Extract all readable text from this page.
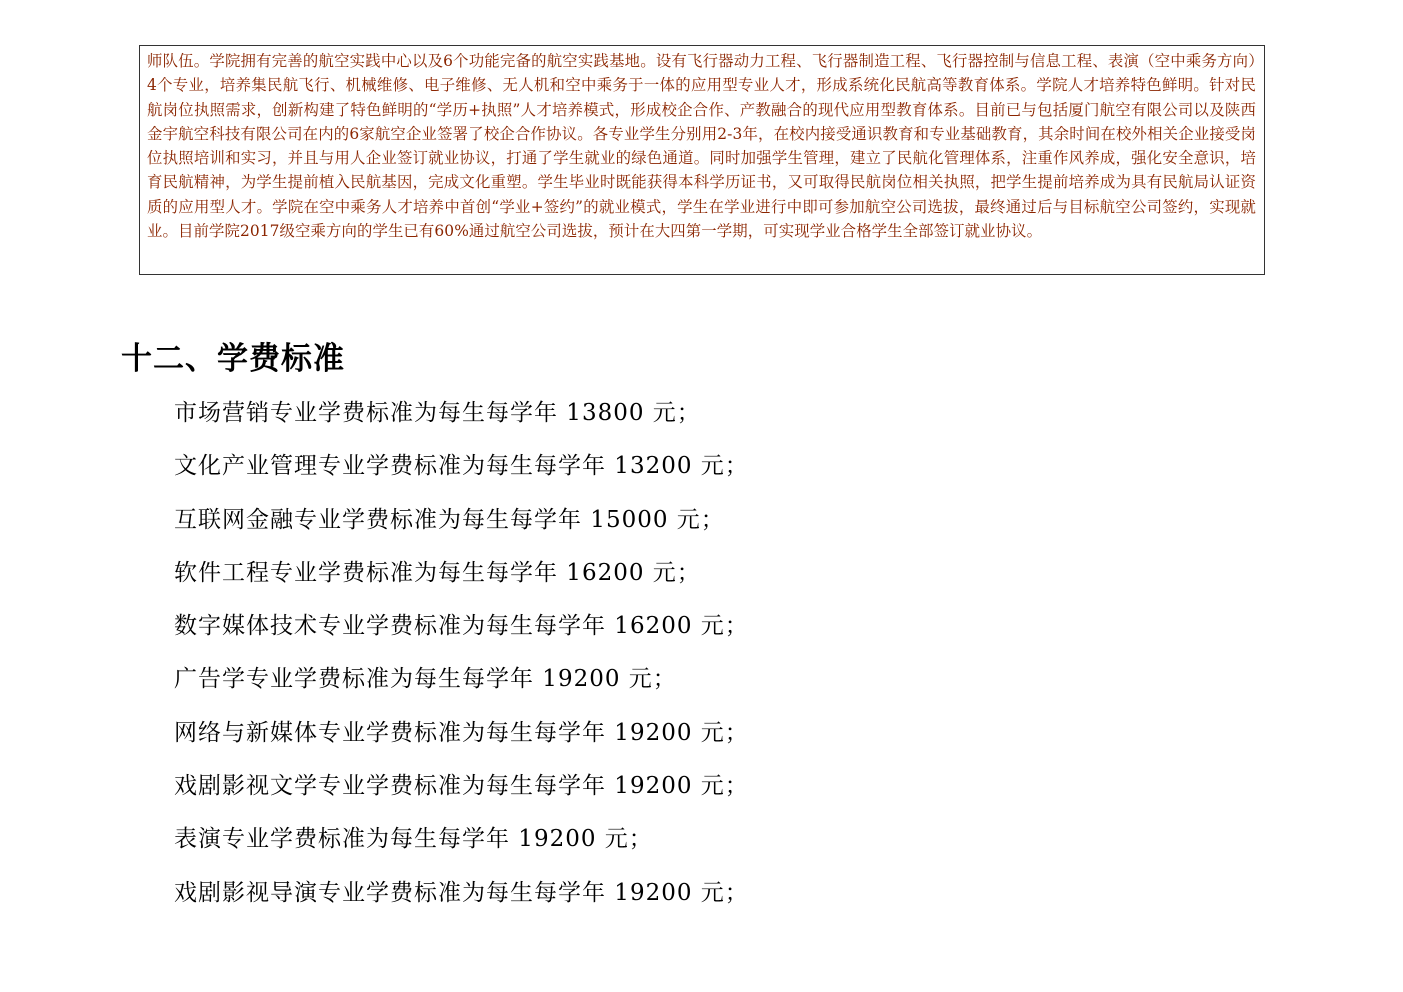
师队伍。学院拥有完善的航空实践中心以及6个功能完备的航空实践基地。设有飞行器动力工程、飞行器制造工程、飞行器控制与信息工程、表演（空中乘务方向）4个专业，培养集民航飞行、机械维修、电子维修、无人机和空中乘务于一体的应用型专业人才，形成系统化民航高等教育体系。学院人才培养特色鲜明。针对民航岗位执照需求，创新构建了特色鲜明的“学历+执照”人才培养模式，形成校企合作、产教融合的现代应用型教育体系。目前已与包括厦门航空有限公司以及陕西金宇航空科技有限公司在内的6家航空企业签署了校企合作协议。各专业学生分别用2-3年，在校内接受通识教育和专业基础教育，其余时间在校外相关企业接受岗位执照培训和实习，并且与用人企业签订就业协议，打通了学生就业的绿色通道。同时加强学生管理，建立了民航化管理体系，注重作风养成，强化安全意识，培育民航精神，为学生提前植入民航基因，完成文化重塑。学生毕业时既能获得本科学历证书，又可取得民航岗位相关执照，把学生提前培养成为具有民航局认证资质的应用型人才。学院在空中乘务人才培养中首创“学业+签约”的就业模式，学生在学业进行中即可参加航空公司选拔，最终通过后与目标航空公司签约，实现就业。目前学院2017级空乘方向的学生已有60%通过航空公司选拔，预计在大四第一学期，可实现学业合格学生全部签订就业协议。
十二、学费标准
市场营销专业学费标准为每生每学年 13800 元；
文化产业管理专业学费标准为每生每学年 13200 元；
互联网金融专业学费标准为每生每学年 15000 元；
软件工程专业学费标准为每生每学年 16200 元；
数字媒体技术专业学费标准为每生每学年 16200 元；
广告学专业学费标准为每生每学年 19200 元；
网络与新媒体专业学费标准为每生每学年 19200 元；
戏剧影视文学专业学费标准为每生每学年 19200 元；
表演专业学费标准为每生每学年 19200 元；
戏剧影视导演专业学费标准为每生每学年 19200 元；
